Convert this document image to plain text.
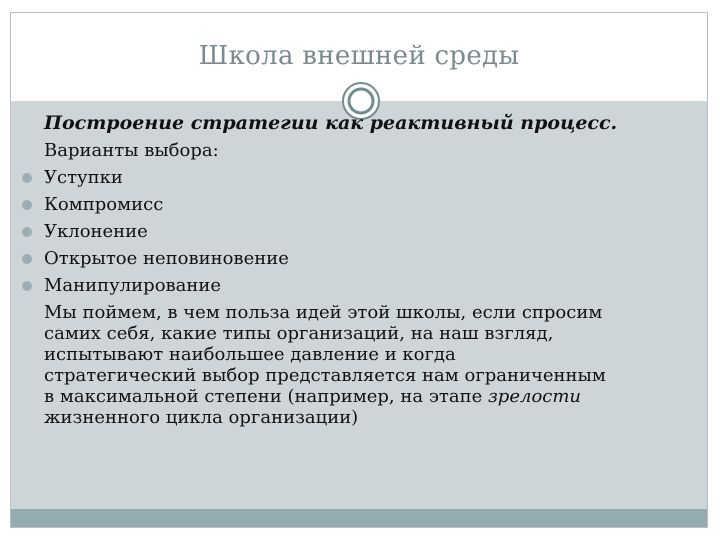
Школа внешней среды
Построение стратегии как реактивный процесс.
Варианты выбора:
Уступки
Компромисс
Уклонение
Открытое неповиновение
Манипулирование
Мы поймем, в чем польза идей этой школы, если спросим
самих себя, какие типы организаций, на наш взгляд,
испытывают наибольшее давление и когда
стратегический выбор представляется нам ограниченным
в максимальной степени (например, на этапе зрелости
жизненного цикла организации)
